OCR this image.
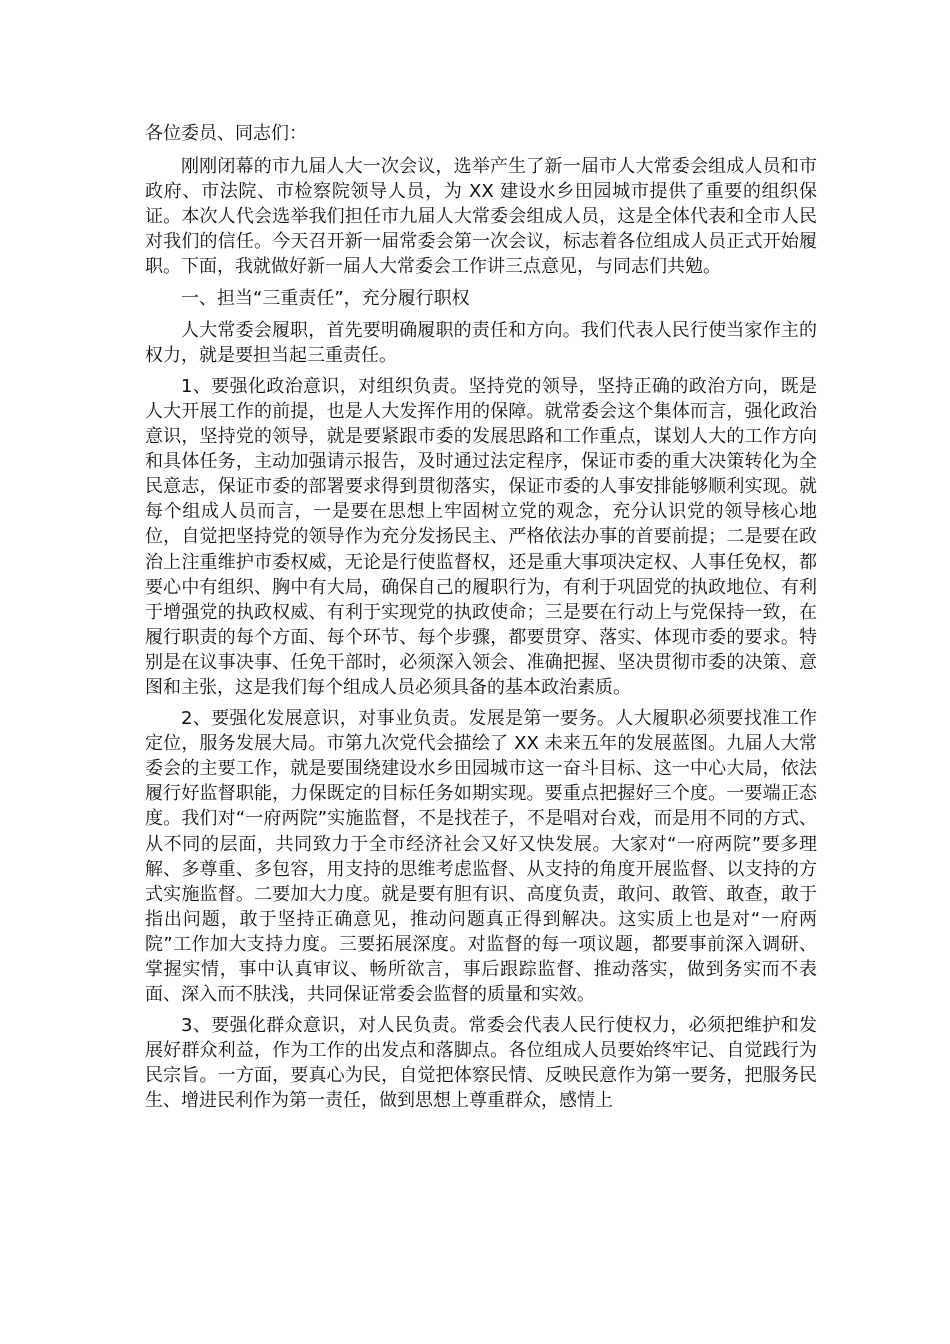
各位委员、同志们：

刚刚闭幕的市九届人大一次会议，选举产生了新一届市人大常委会组成人员和市政府、市法院、市检察院领导人员，为 XX 建设水乡田园城市提供了重要的组织保证。本次人代会选举我们担任市九届人大常委会组成人员，这是全体代表和全市人民对我们的信任。今天召开新一届常委会第一次会议，标志着各位组成人员正式开始履职。下面，我就做好新一届人大常委会工作讲三点意见，与同志们共勉。

一、担当“三重责任”，充分履行职权

人大常委会履职，首先要明确履职的责任和方向。我们代表人民行使当家作主的权力，就是要担当起三重责任。

1、要强化政治意识，对组织负责。坚持党的领导，坚持正确的政治方向，既是人大开展工作的前提，也是人大发挥作用的保障。就常委会这个集体而言，强化政治意识，坚持党的领导，就是要紧跟市委的发展思路和工作重点，谋划人大的工作方向和具体任务，主动加强请示报告，及时通过法定程序，保证市委的重大决策转化为全民意志，保证市委的部署要求得到贯彻落实，保证市委的人事安排能够顺利实现。就每个组成人员而言，一是要在思想上牢固树立党的观念，充分认识党的领导核心地位，自觉把坚持党的领导作为充分发扬民主、严格依法办事的首要前提；二是要在政治上注重维护市委权威，无论是行使监督权，还是重大事项决定权、人事任免权，都要心中有组织、胸中有大局，确保自己的履职行为，有利于巩固党的执政地位、有利于增强党的执政权威、有利于实现党的执政使命；三是要在行动上与党保持一致，在履行职责的每个方面、每个环节、每个步骤，都要贯穿、落实、体现市委的要求。特别是在议事决事、任免干部时，必须深入领会、准确把握、坚决贯彻市委的决策、意图和主张，这是我们每个组成人员必须具备的基本政治素质。

2、要强化发展意识，对事业负责。发展是第一要务。人大履职必须要找准工作定位，服务发展大局。市第九次党代会描绘了 XX 未来五年的发展蓝图。九届人大常委会的主要工作，就是要围绕建设水乡田园城市这一奋斗目标、这一中心大局，依法履行好监督职能，力保既定的目标任务如期实现。要重点把握好三个度。一要端正态度。我们对“一府两院”实施监督，不是找茬子，不是唱对台戏，而是用不同的方式、从不同的层面，共同致力于全市经济社会又好又快发展。大家对“一府两院”要多理解、多尊重、多包容，用支持的思维考虑监督、从支持的角度开展监督、以支持的方式实施监督。二要加大力度。就是要有胆有识、高度负责，敢问、敢管、敢查，敢于指出问题，敢于坚持正确意见，推动问题真正得到解决。这实质上也是对“一府两院”工作加大支持力度。三要拓展深度。对监督的每一项议题，都要事前深入调研、掌握实情，事中认真审议、畅所欲言，事后跟踪监督、推动落实，做到务实而不表面、深入而不肤浅，共同保证常委会监督的质量和实效。

3、要强化群众意识，对人民负责。常委会代表人民行使权力，必须把维护和发展好群众利益，作为工作的出发点和落脚点。各位组成人员要始终牢记、自觉践行为民宗旨。一方面，要真心为民，自觉把体察民情、反映民意作为第一要务，把服务民生、增进民利作为第一责任，做到思想上尊重群众，感情上
